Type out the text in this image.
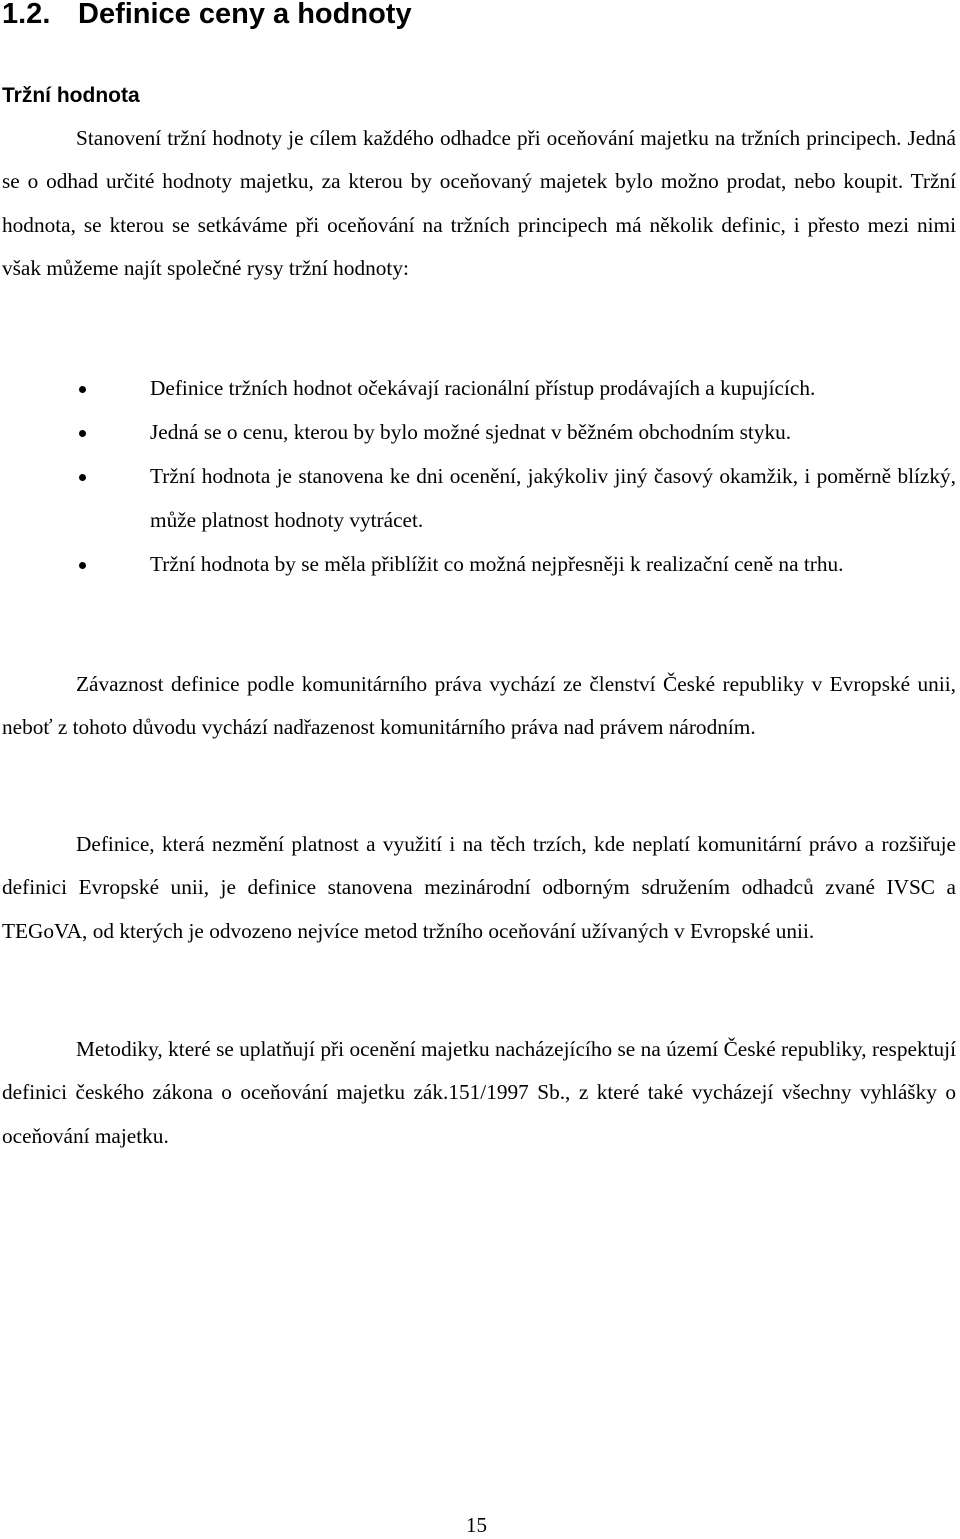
1.2. Definice ceny a hodnoty
Tržní hodnota

Stanovení tržní hodnoty je cílem každého odhadce při oceňování majetku na tržních principech. Jedná se o odhad určité hodnoty majetku, za kterou by oceňovaný majetek bylo možno prodat, nebo koupit. Tržní hodnota, se kterou se setkáváme při oceňování na tržních principech má několik definic, i přesto mezi nimi však můžeme najít společné rysy tržní hodnoty:

Definice tržních hodnot očekávají racionální přístup prodávajích a kupujících.
Jedná se o cenu, kterou by bylo možné sjednat v běžném obchodním styku.
Tržní hodnota je stanovena ke dni ocenění, jakýkoliv jiný časový okamžik, i poměrně blízký, může platnost hodnoty vytrácet.
Tržní hodnota by se měla přiblížit co možná nejpřesněji k realizační ceně na trhu.

Závaznost definice podle komunitárního práva vychází ze členství České republiky v Evropské unii, neboť z tohoto důvodu vychází nadřazenost komunitárního práva nad právem národním.

Definice, která nezmění platnost a využití i na těch trzích, kde neplatí komunitární právo a rozšiřuje definici Evropské unii, je definice stanovena mezinárodní odborným sdružením odhadců zvané IVSC a TEGoVA, od kterých je odvozeno nejvíce metod tržního oceňování užívaných v Evropské unii.

Metodiky, které se uplatňují při ocenění majetku nacházejícího se na území České republiky, respektují definici českého zákona o oceňování majetku zák.151/1997 Sb., z které také vycházejí všechny vyhlášky o oceňování majetku.

15
